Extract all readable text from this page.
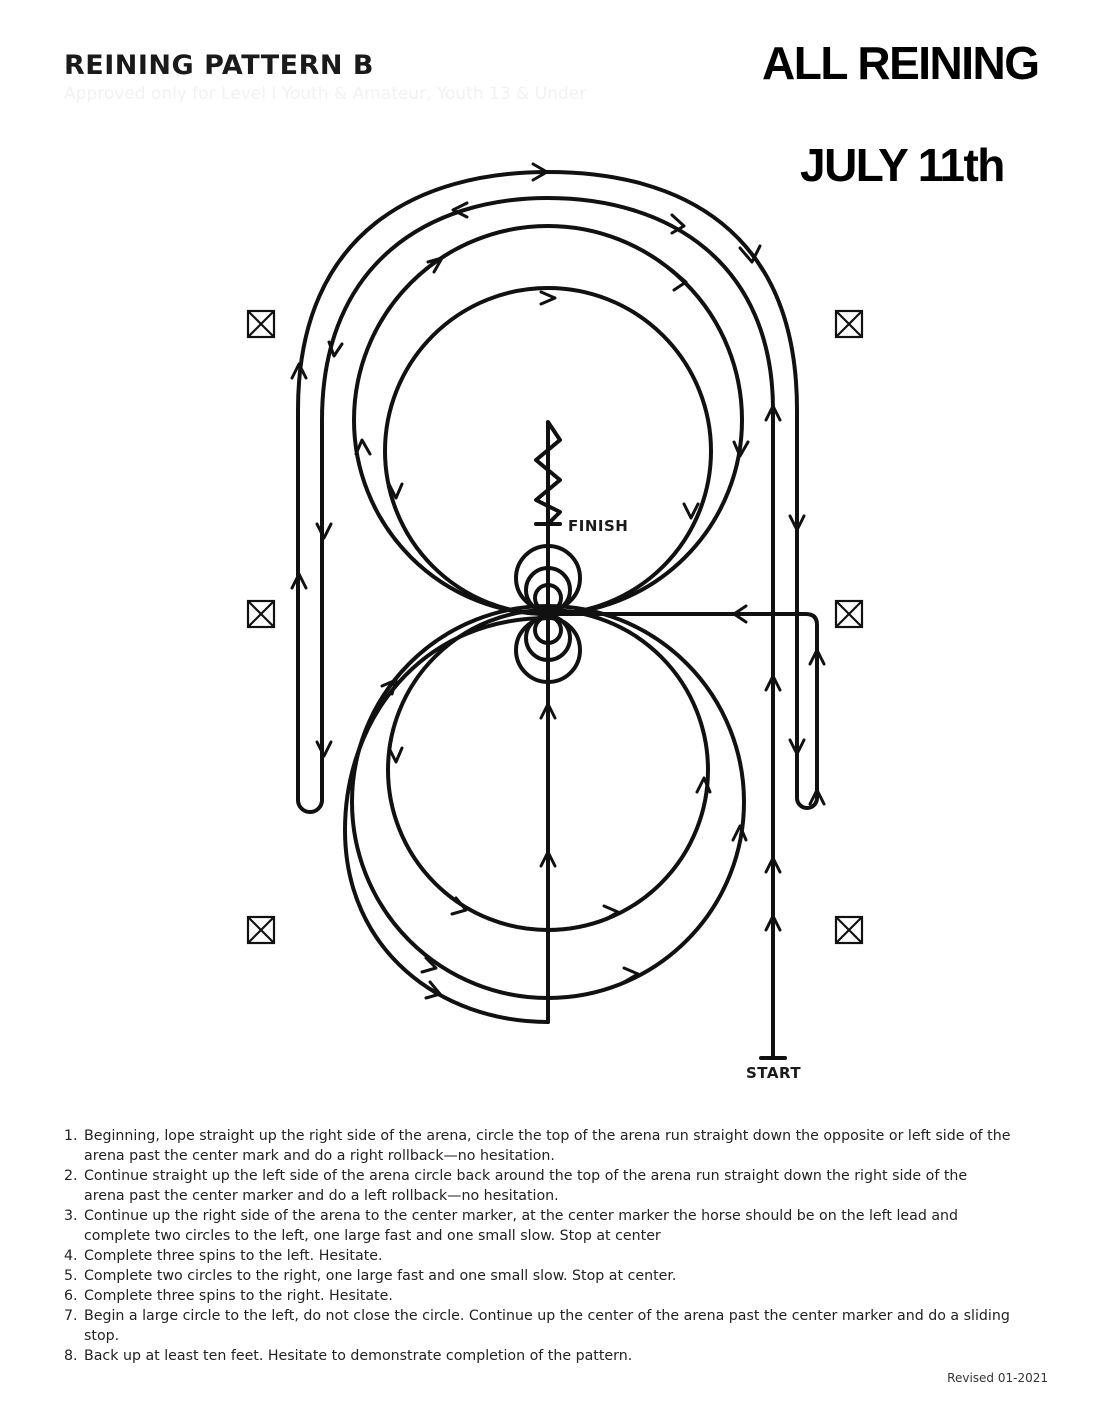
REINING PATTERN B
Approved only for Level I Youth & Amateur, Youth 13 & Under
ALL REINING
JULY 11th
FINISH
START
1. Beginning, lope straight up the right side of the arena, circle the top of the arena run straight down the opposite or left side of the arena past the center mark and do a right rollback—no hesitation.
2. Continue straight up the left side of the arena circle back around the top of the arena run straight down the right side of the arena past the center marker and do a left rollback—no hesitation.
3. Continue up the right side of the arena to the center marker, at the center marker the horse should be on the left lead and complete two circles to the left, one large fast and one small slow. Stop at center
4. Complete three spins to the left. Hesitate.
5. Complete two circles to the right, one large fast and one small slow. Stop at center.
6. Complete three spins to the right. Hesitate.
7. Begin a large circle to the left, do not close the circle. Continue up the center of the arena past the center marker and do a sliding stop.
8. Back up at least ten feet. Hesitate to demonstrate completion of the pattern.
Revised 01-2021
